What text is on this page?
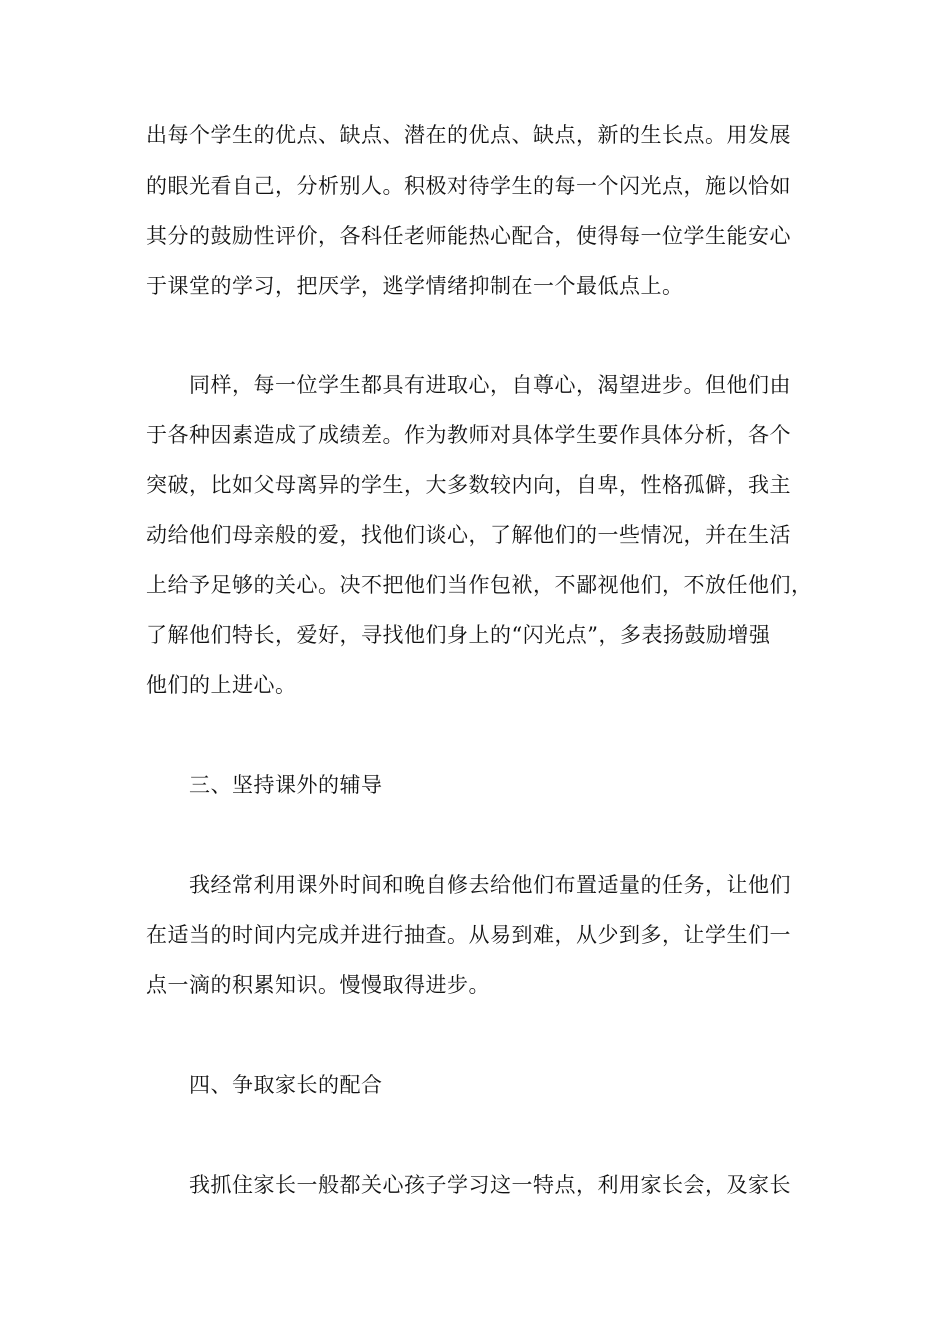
出每个学生的优点、缺点、潜在的优点、缺点，新的生长点。用发展
的眼光看自己，分析别人。积极对待学生的每一个闪光点，施以恰如
其分的鼓励性评价，各科任老师能热心配合，使得每一位学生能安心
于课堂的学习，把厌学，逃学情绪抑制在一个最低点上。
同样，每一位学生都具有进取心，自尊心，渴望进步。但他们由
于各种因素造成了成绩差。作为教师对具体学生要作具体分析，各个
突破，比如父母离异的学生，大多数较内向，自卑，性格孤僻，我主
动给他们母亲般的爱，找他们谈心，了解他们的一些情况，并在生活
上给予足够的关心。决不把他们当作包袱，不鄙视他们，不放任他们，
了解他们特长，爱好，寻找他们身上的“闪光点”，多表扬鼓励增强
他们的上进心。
三、坚持课外的辅导
我经常利用课外时间和晚自修去给他们布置适量的任务，让他们
在适当的时间内完成并进行抽查。从易到难，从少到多，让学生们一
点一滴的积累知识。慢慢取得进步。
四、争取家长的配合
我抓住家长一般都关心孩子学习这一特点，利用家长会，及家长
